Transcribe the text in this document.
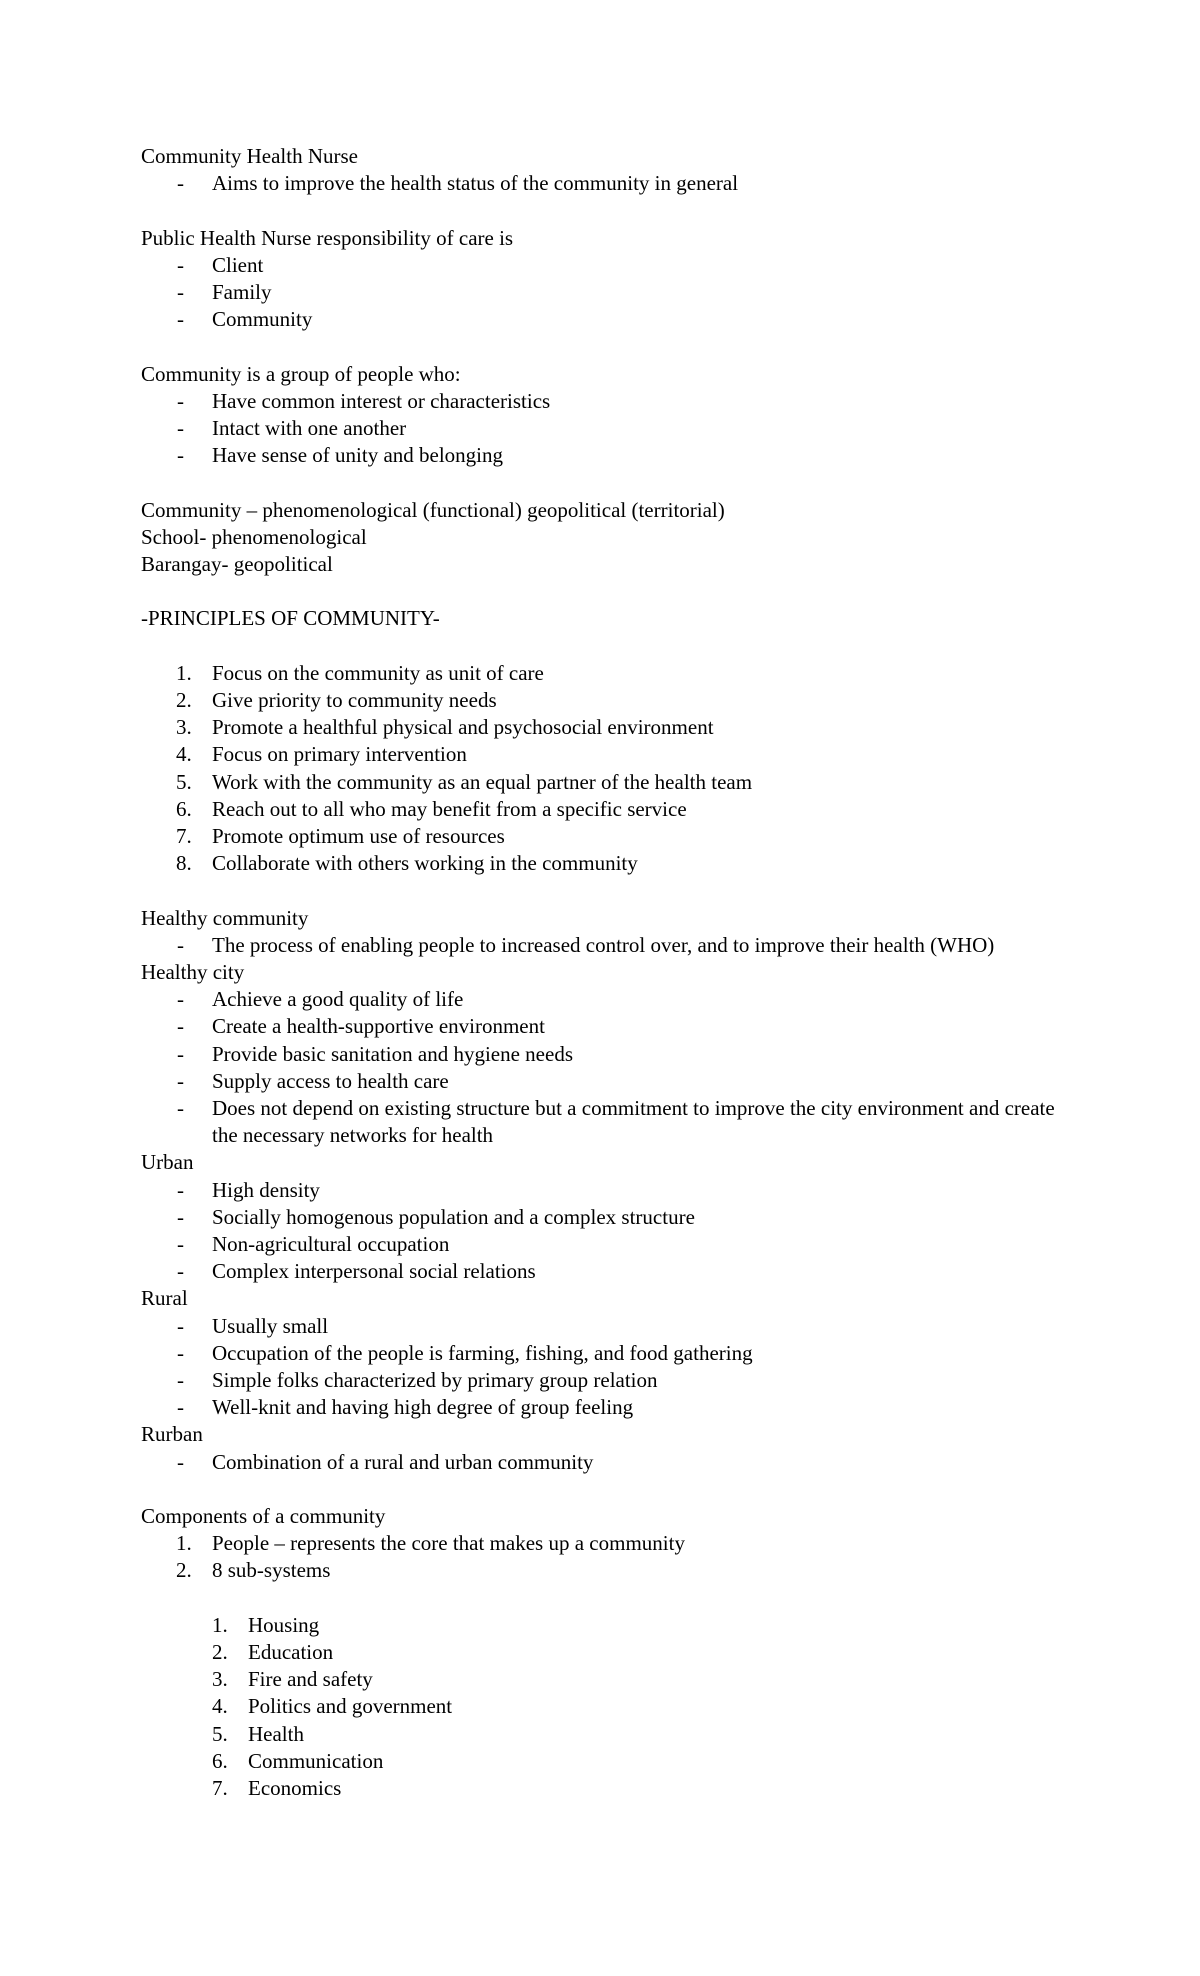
Community Health Nurse
- Aims to improve the health status of the community in general
Public Health Nurse responsibility of care is
- Client
- Family
- Community
Community is a group of people who:
- Have common interest or characteristics
- Intact with one another
- Have sense of unity and belonging
Community – phenomenological (functional) geopolitical (territorial)
School- phenomenological
Barangay- geopolitical
-PRINCIPLES OF COMMUNITY-
1. Focus on the community as unit of care
2. Give priority to community needs
3. Promote a healthful physical and psychosocial environment
4. Focus on primary intervention
5. Work with the community as an equal partner of the health team
6. Reach out to all who may benefit from a specific service
7. Promote optimum use of resources
8. Collaborate with others working in the community
Healthy community
- The process of enabling people to increased control over, and to improve their health (WHO)
Healthy city
- Achieve a good quality of life
- Create a health-supportive environment
- Provide basic sanitation and hygiene needs
- Supply access to health care
- Does not depend on existing structure but a commitment to improve the city environment and create the necessary networks for health
Urban
- High density
- Socially homogenous population and a complex structure
- Non-agricultural occupation
- Complex interpersonal social relations
Rural
- Usually small
- Occupation of the people is farming, fishing, and food gathering
- Simple folks characterized by primary group relation
- Well-knit and having high degree of group feeling
Rurban
- Combination of a rural and urban community
Components of a community
1. People – represents the core that makes up a community
2. 8 sub-systems
1. Housing
2. Education
3. Fire and safety
4. Politics and government
5. Health
6. Communication
7. Economics
